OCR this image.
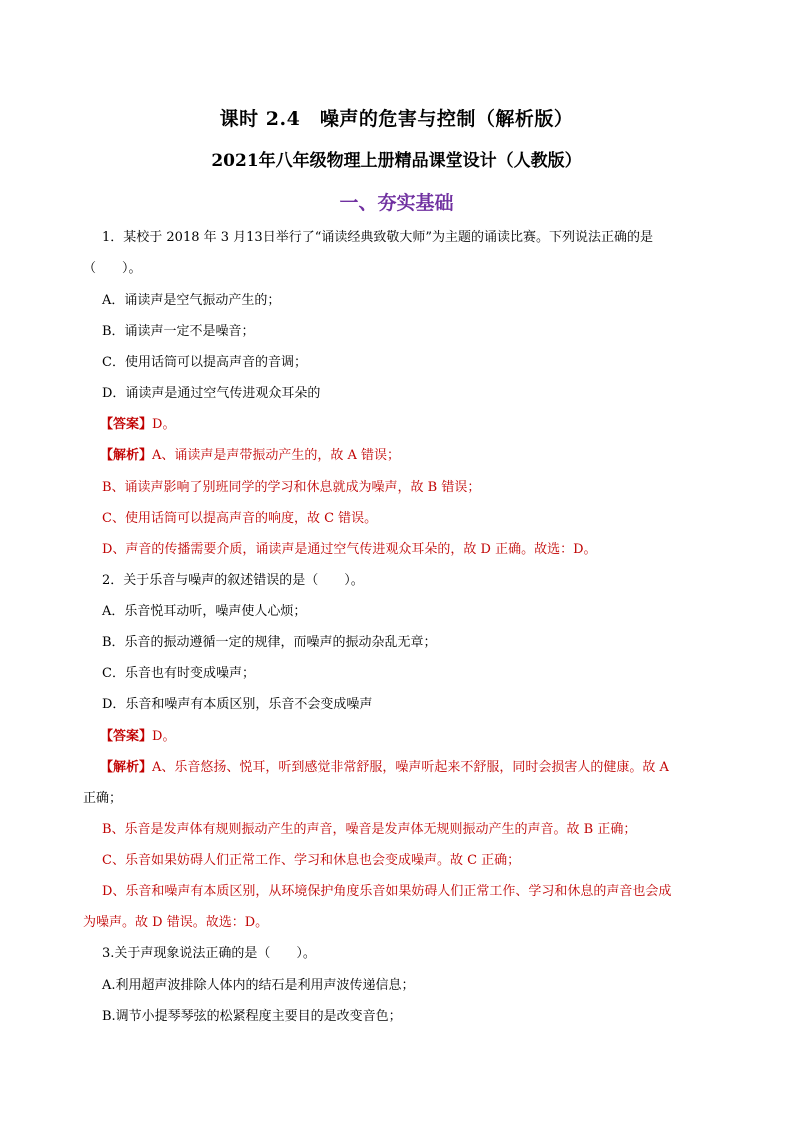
课时 2.4　噪声的危害与控制（解析版）
2021年八年级物理上册精品课堂设计（人教版）
一、夯实基础
1．某校于 2018 年 3 月13日举行了“诵读经典致敬大师”为主题的诵读比赛。下列说法正确的是
（　　）。
A．诵读声是空气振动产生的；
B．诵读声一定不是噪音；
C．使用话筒可以提高声音的音调；
D．诵读声是通过空气传进观众耳朵的
【答案】D。
【解析】A、诵读声是声带振动产生的，故 A 错误；
B、诵读声影响了别班同学的学习和休息就成为噪声，故 B 错误；
C、使用话筒可以提高声音的响度，故 C 错误。
D、声音的传播需要介质，诵读声是通过空气传进观众耳朵的，故 D 正确。故选：D。
2．关于乐音与噪声的叙述错误的是（　　）。
A．乐音悦耳动听，噪声使人心烦；
B．乐音的振动遵循一定的规律，而噪声的振动杂乱无章；
C．乐音也有时变成噪声；
D．乐音和噪声有本质区别，乐音不会变成噪声
【答案】D。
【解析】A、乐音悠扬、悦耳，听到感觉非常舒服，噪声听起来不舒服，同时会损害人的健康。故 A
正确；
B、乐音是发声体有规则振动产生的声音，噪音是发声体无规则振动产生的声音。故 B 正确；
C、乐音如果妨碍人们正常工作、学习和休息也会变成噪声。故 C 正确；
D、乐音和噪声有本质区别，从环境保护角度乐音如果妨碍人们正常工作、学习和休息的声音也会成
为噪声。故 D 错误。故选：D。
3.关于声现象说法正确的是（　　）。
A.利用超声波排除人体内的结石是利用声波传递信息；
B.调节小提琴琴弦的松紧程度主要目的是改变音色；
